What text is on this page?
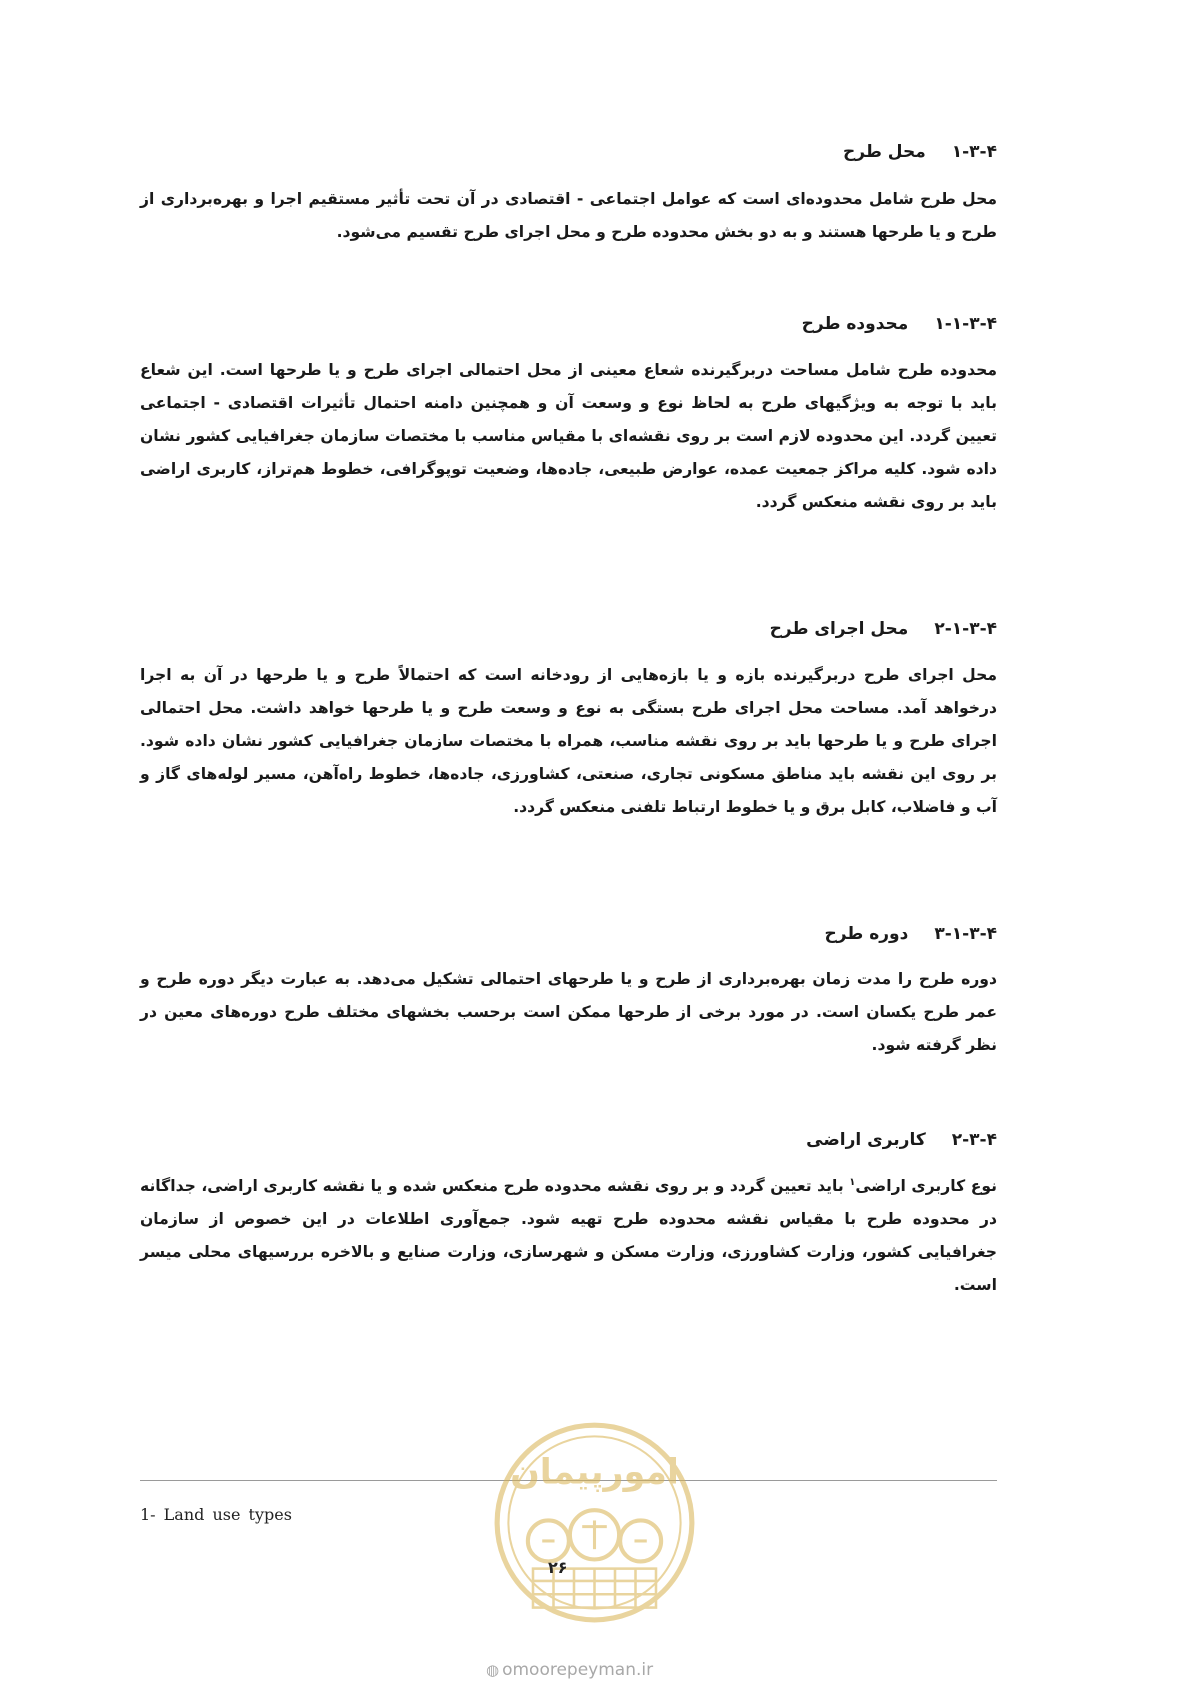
۱-۳-۴محل طرح
محل طرح شامل محدوده‌ای است که عوامل اجتماعی - اقتصادی در آن تحت تأثیر مستقیم اجرا و بهره‌برداری از طرح و یا طرحها هستند و به دو بخش محدوده طرح و محل اجرای طرح تقسیم می‌شود.
۱-۱-۳-۴محدوده طرح
محدوده طرح شامل مساحت دربرگیرنده شعاع معینی از محل احتمالی اجرای طرح و یا طرحها است. این شعاع باید با توجه به ویژگیهای طرح به لحاظ نوع و وسعت آن و همچنین دامنه احتمال تأثیرات اقتصادی - اجتماعی تعیین گردد. این محدوده لازم است بر روی نقشه‌ای با مقیاس مناسب با مختصات سازمان جغرافیایی کشور نشان داده شود. کلیه مراکز جمعیت عمده، عوارض طبیعی، جاده‌ها، وضعیت توپوگرافی، خطوط هم‌تراز، کاربری اراضی باید بر روی نقشه منعکس گردد.
۲-۱-۳-۴محل اجرای طرح
محل اجرای طرح دربرگیرنده بازه و یا بازه‌هایی از رودخانه است که احتمالاً طرح و یا طرحها در آن به اجرا درخواهد آمد. مساحت محل اجرای طرح بستگی به نوع و وسعت طرح و یا طرحها خواهد داشت. محل احتمالی اجرای طرح و یا طرحها باید بر روی نقشه مناسب، همراه با مختصات سازمان جغرافیایی کشور نشان داده شود. بر روی این نقشه باید مناطق مسکونی تجاری، صنعتی، کشاورزی، جاده‌ها، خطوط راه‌آهن، مسیر لوله‌های گاز و آب و فاضلاب، کابل برق و یا خطوط ارتباط تلفنی منعکس گردد.
۳-۱-۳-۴دوره طرح
دوره طرح را مدت زمان بهره‌برداری از طرح و یا طرحهای احتمالی تشکیل می‌دهد. به عبارت دیگر دوره طرح و عمر طرح یکسان است. در مورد برخی از طرحها ممکن است برحسب بخشهای مختلف طرح دوره‌های معین در نظر گرفته شود.
۲-۳-۴کاربری اراضی
نوع کاربری اراضی$^۱$ باید تعیین گردد و بر روی نقشه محدوده طرح منعکس شده و یا نقشه کاربری اراضی، جداگانه در محدوده طرح با مقیاس نقشه محدوده طرح تهیه شود. جمع‌آوری اطلاعات در این خصوص از سازمان جغرافیایی کشور، وزارت کشاورزی، وزارت مسکن و شهرسازی، وزارت صنایع و بالاخره بررسیهای محلی میسر است.
1- Land use types
امورپیمان
۲۶
◍ omoorepeyman.ir
